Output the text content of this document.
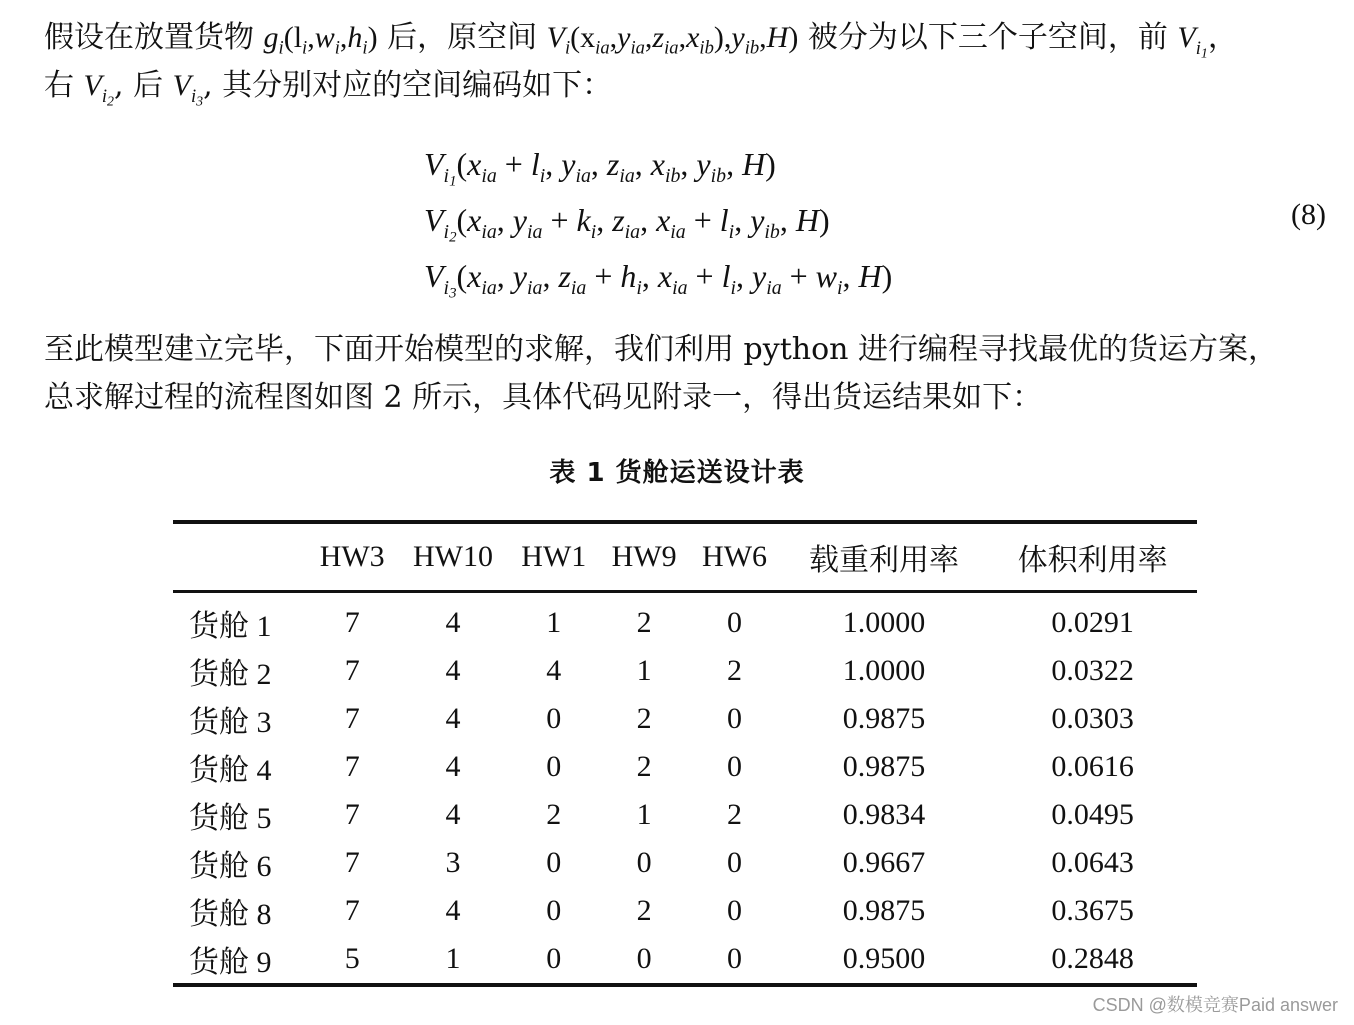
假设在放置货物 $g_i(l_i,w_i,h_i)$ 后，原空间 $V_i(x_{ia},y_{ia},z_{ia},x_{ib}),y_{ib},H$) 被分为以下三个子空间，前 $V_{i_1}$，
右 $V_{i_2}$, 后 $V_{i_3}$, 其分别对应的空间编码如下：
$V_{i_1}(x_{ia} + l_i$, $y_{ia}$, $z_{ia}$, $x_{ib}$, $y_{ib}$, H)
$V_{i_2}(x_{ia}$, $y_{ia} + k_i$, $z_{ia}$, $x_{ia} + l_i$, $y_{ib}$, H)
$V_{i_3}(x_{ia}$, $y_{ia}$, $z_{ia} + h_i$, $x_{ia} + l_i$, $y_{ia} + w_i$, H)
(8)
至此模型建立完毕，下面开始模型的求解，我们利用 python 进行编程寻找最优的货运方案，
总求解过程的流程图如图 2 所示，具体代码见附录一，得出货运结果如下：
表 1 货舱运送设计表
	HW3	HW10	HW1	HW9	HW6	载重利用率	体积利用率
货舱 1	7	4	1	2	0	1.0000	0.0291
货舱 2	7	4	4	1	2	1.0000	0.0322
货舱 3	7	4	0	2	0	0.9875	0.0303
货舱 4	7	4	0	2	0	0.9875	0.0616
货舱 5	7	4	2	1	2	0.9834	0.0495
货舱 6	7	3	0	0	0	0.9667	0.0643
货舱 8	7	4	0	2	0	0.9875	0.3675
货舱 9	5	1	0	0	0	0.9500	0.2848
CSDN @数模竞赛Paid answer
